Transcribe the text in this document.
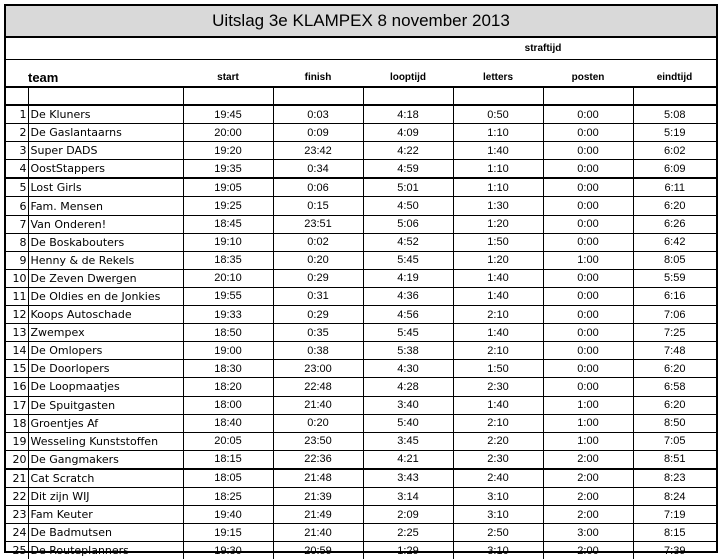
Uitslag 3e KLAMPEX 8 november 2013
					straftijd		
team		start	finish	looptijd	letters	posten	eindtijd

1	De Kluners	19:45	0:03	4:18	0:50	0:00	5:08
2	De Gaslantaarns	20:00	0:09	4:09	1:10	0:00	5:19
3	Super DADS	19:20	23:42	4:22	1:40	0:00	6:02
4	OostStappers	19:35	0:34	4:59	1:10	0:00	6:09
5	Lost Girls	19:05	0:06	5:01	1:10	0:00	6:11
6	Fam. Mensen	19:25	0:15	4:50	1:30	0:00	6:20
7	Van Onderen!	18:45	23:51	5:06	1:20	0:00	6:26
8	De Boskabouters	19:10	0:02	4:52	1:50	0:00	6:42
9	Henny & de Rekels	18:35	0:20	5:45	1:20	1:00	8:05
10	De Zeven Dwergen	20:10	0:29	4:19	1:40	0:00	5:59
11	De Oldies en de Jonkies	19:55	0:31	4:36	1:40	0:00	6:16
12	Koops Autoschade	19:33	0:29	4:56	2:10	0:00	7:06
13	Zwempex	18:50	0:35	5:45	1:40	0:00	7:25
14	De Omlopers	19:00	0:38	5:38	2:10	0:00	7:48
15	De Doorlopers	18:30	23:00	4:30	1:50	0:00	6:20
16	De Loopmaatjes	18:20	22:48	4:28	2:30	0:00	6:58
17	De Spuitgasten	18:00	21:40	3:40	1:40	1:00	6:20
18	Groentjes Af	18:40	0:20	5:40	2:10	1:00	8:50
19	Wesseling Kunststoffen	20:05	23:50	3:45	2:20	1:00	7:05
20	De Gangmakers	18:15	22:36	4:21	2:30	2:00	8:51
21	Cat Scratch	18:05	21:48	3:43	2:40	2:00	8:23
22	Dit zijn WIJ	18:25	21:39	3:14	3:10	2:00	8:24
23	Fam Keuter	19:40	21:49	2:09	3:10	2:00	7:19
24	De Badmutsen	19:15	21:40	2:25	2:50	3:00	8:15
25	De Routeplanners	19:30	20:59	1:29	3:10	2:00	7:39
